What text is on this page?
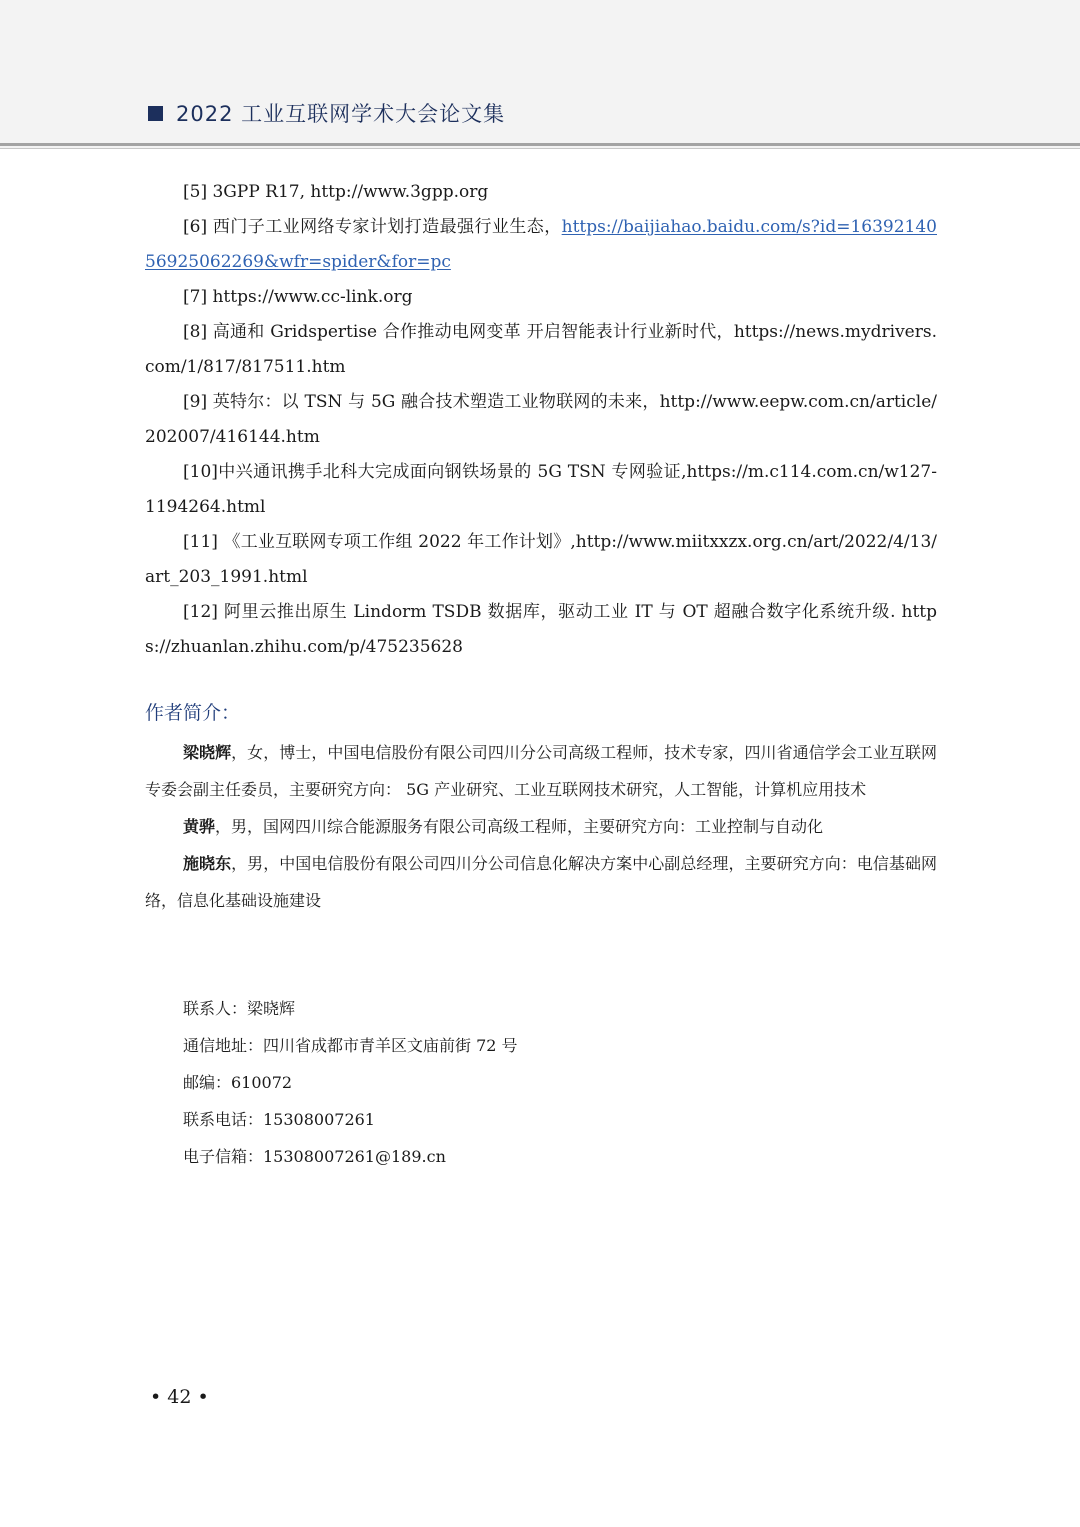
2022 工业互联网学术大会论文集
[5] 3GPP R17, http://www.3gpp.org
[6] 西门子工业网络专家计划打造最强行业生态，https://baijiahao.baidu.com/s?id=1639214056925062269&wfr=spider&for=pc
[7] https://www.cc-link.org
[8] 高通和 Gridspertise 合作推动电网变革 开启智能表计行业新时代，https://news.mydrivers.com/1/817/817511.htm
[9] 英特尔：以 TSN 与 5G 融合技术塑造工业物联网的未来，http://www.eepw.com.cn/article/202007/416144.htm
[10]中兴通讯携手北科大完成面向钢铁场景的 5G TSN 专网验证,https://m.c114.com.cn/w127-1194264.html
[11] 《工业互联网专项工作组 2022 年工作计划》,http://www.miitxxzx.org.cn/art/2022/4/13/art_203_1991.html
[12] 阿里云推出原生 Lindorm TSDB 数据库，驱动工业 IT 与 OT 超融合数字化系统升级. https://zhuanlan.zhihu.com/p/475235628
作者简介：
梁晓辉，女，博士，中国电信股份有限公司四川分公司高级工程师，技术专家，四川省通信学会工业互联网专委会副主任委员，主要研究方向： 5G 产业研究、工业互联网技术研究，人工智能，计算机应用技术
黄骅，男，国网四川综合能源服务有限公司高级工程师，主要研究方向：工业控制与自动化
施晓东，男，中国电信股份有限公司四川分公司信息化解决方案中心副总经理，主要研究方向：电信基础网络，信息化基础设施建设
联系人：梁晓辉
通信地址：四川省成都市青羊区文庙前街 72 号
邮编：610072
联系电话：15308007261
电子信箱：15308007261@189.cn
• 42 •
